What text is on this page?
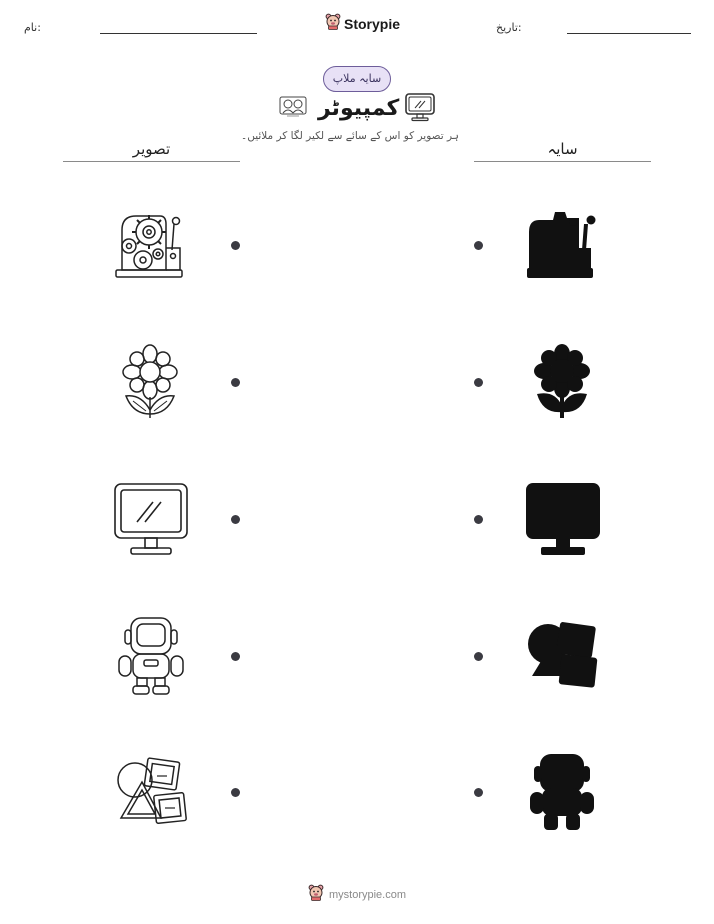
نام:	Storypie	تاریخ:
سایہ ملاپ
کمپیوٹر
ہر تصویر کو اس کے سائے سے لکیر لگا کر ملائیں۔
تصویر	سایہ
mystorypie.com
